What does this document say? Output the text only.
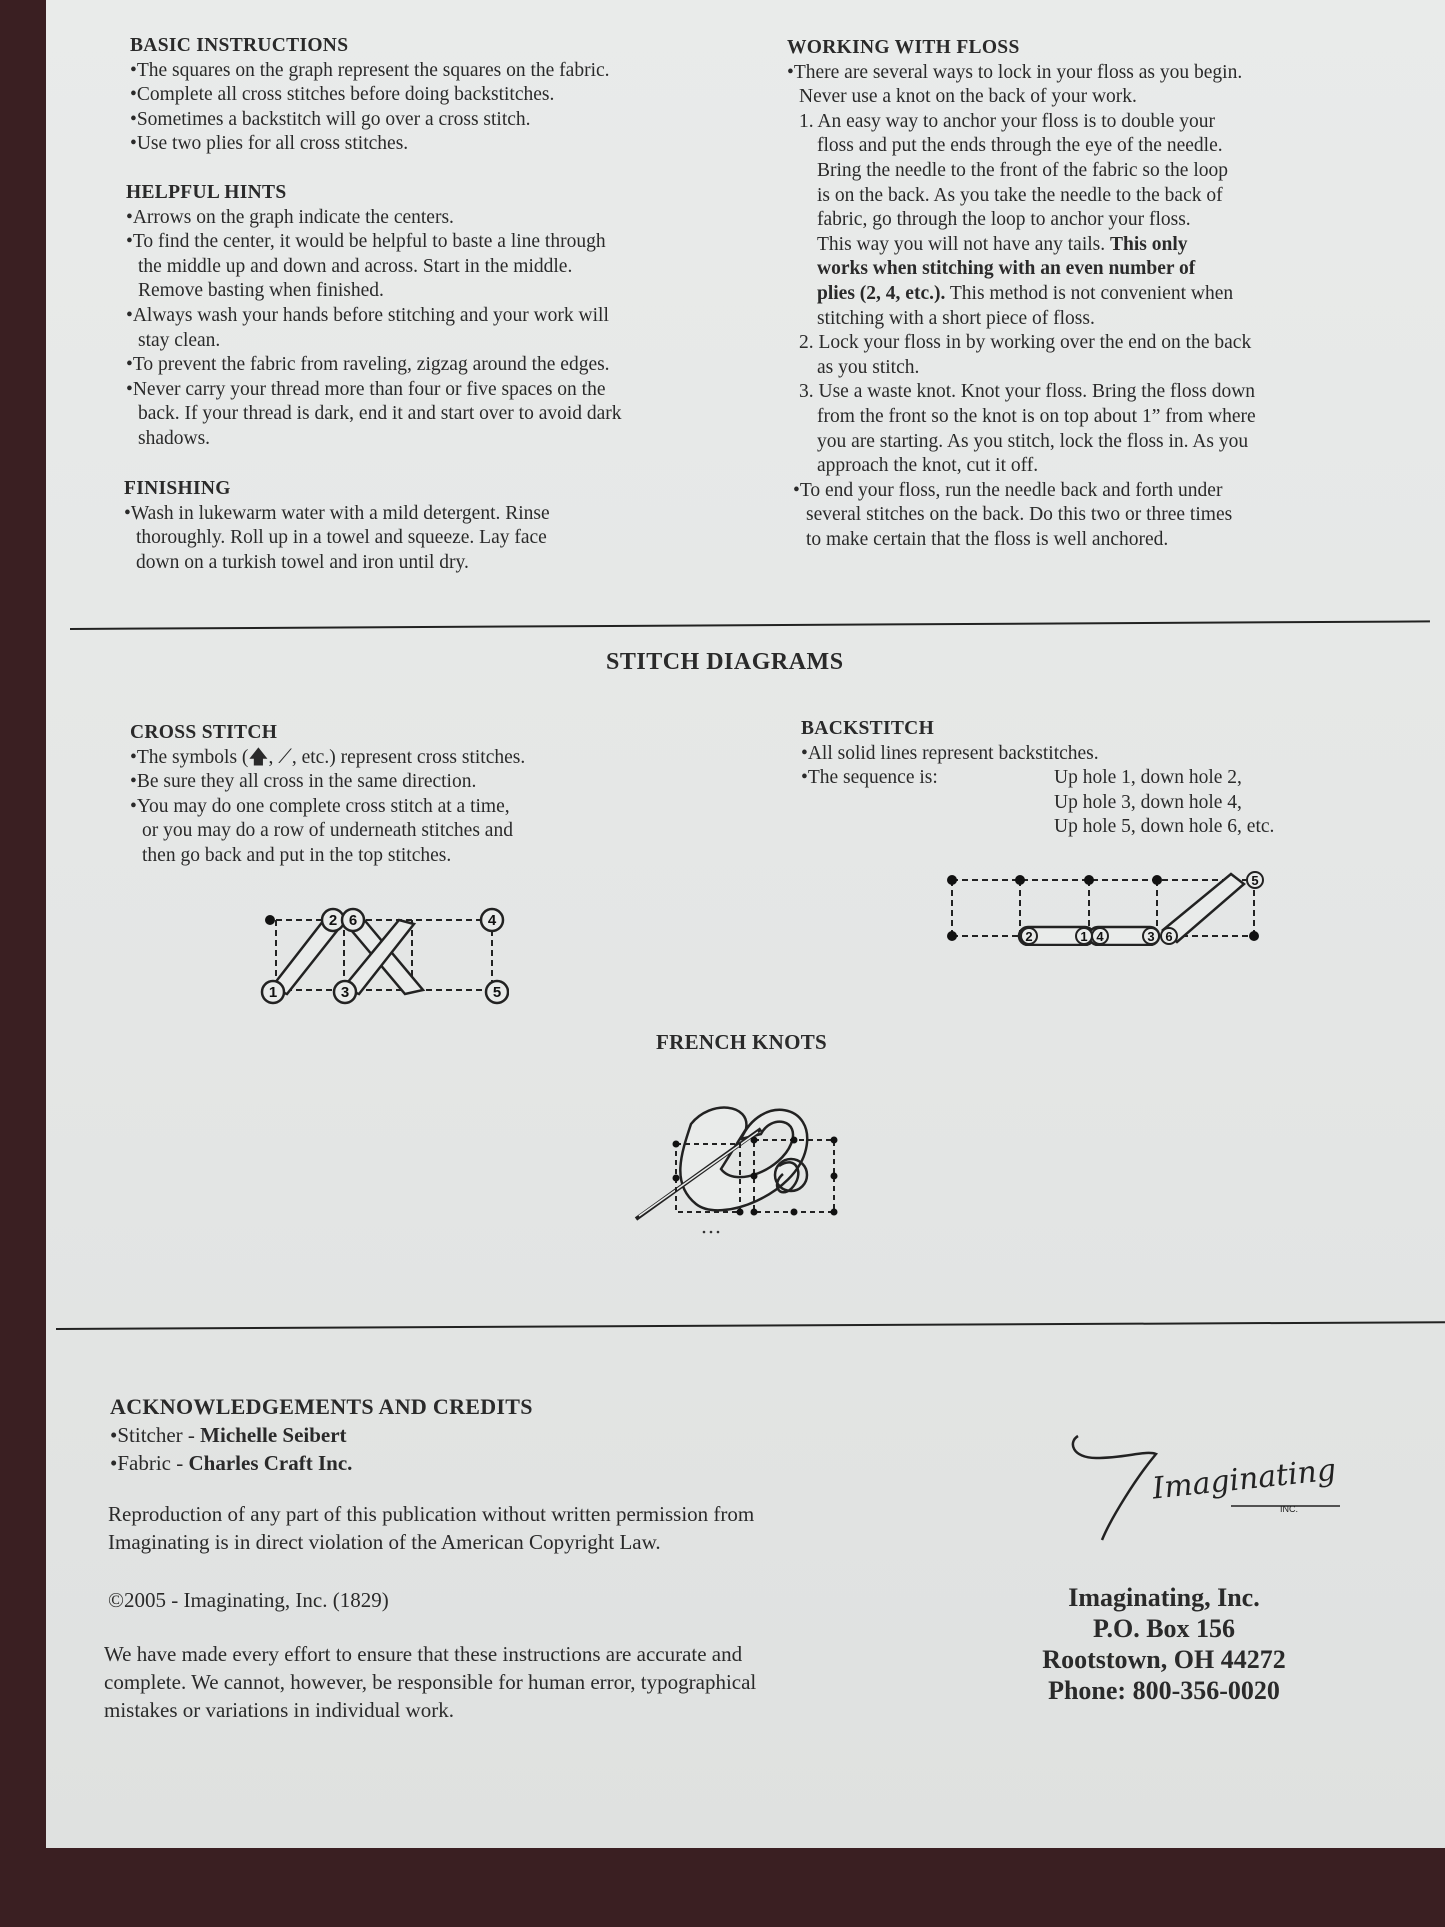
BASIC INSTRUCTIONS

•The squares on the graph represent the squares on the fabric.

•Complete all cross stitches before doing backstitches.

•Sometimes a backstitch will go over a cross stitch.

•Use two plies for all cross stitches.

HELPFUL HINTS

•Arrows on the graph indicate the centers.

•To find the center, it would be helpful to baste a line through

the middle up and down and across. Start in the middle.

Remove basting when finished.

•Always wash your hands before stitching and your work will

stay clean.

•To prevent the fabric from raveling, zigzag around the edges.

•Never carry your thread more than four or five spaces on the

back. If your thread is dark, end it and start over to avoid dark

shadows.

FINISHING

•Wash in lukewarm water with a mild detergent. Rinse

thoroughly. Roll up in a towel and squeeze. Lay face

down on a turkish towel and iron until dry.

WORKING WITH FLOSS

•There are several ways to lock in your floss as you begin.

Never use a knot on the back of your work.

1. An easy way to anchor your floss is to double your

floss and put the ends through the eye of the needle.

Bring the needle to the front of the fabric so the loop

is on the back. As you take the needle to the back of

fabric, go through the loop to anchor your floss.

This way you will not have any tails. This only

works when stitching with an even number of

plies (2, 4, etc.). This method is not convenient when

stitching with a short piece of floss.

2. Lock your floss in by working over the end on the back

as you stitch.

3. Use a waste knot. Knot your floss. Bring the floss down

from the front so the knot is on top about 1” from where

you are starting. As you stitch, lock the floss in. As you

approach the knot, cut it off.

•To end your floss, run the needle back and forth under

several stitches on the back. Do this two or three times

to make certain that the floss is well anchored.

STITCH DIAGRAMS

CROSS STITCH

•The symbols (🡅, ⟋, etc.) represent cross stitches.

•Be sure they all cross in the same direction.

•You may do one complete cross stitch at a time,

or you may do a row of underneath stitches and

then go back and put in the top stitches.

1
2 6
3
4
5

BACKSTITCH

•All solid lines represent backstitches.

•The sequence is:	Up hole 1, down hole 2,

Up hole 3, down hole 4,

Up hole 5, down hole 6, etc.

2	1 4	3 6
5
FRENCH KNOTS

ACKNOWLEDGEMENTS AND CREDITS

•Stitcher - Michelle Seibert

•Fabric - Charles Craft Inc.

Reproduction of any part of this publication without written permission from

Imaginating is in direct violation of the American Copyright Law.

©2005 - Imaginating, Inc. (1829)

We have made every effort to ensure that these instructions are accurate and

complete. We cannot, however, be responsible for human error, typographical

mistakes or variations in individual work.

Imaginating
INC.
Imaginating, Inc.
P.O. Box 156
Rootstown, OH 44272
Phone: 800-356-0020
